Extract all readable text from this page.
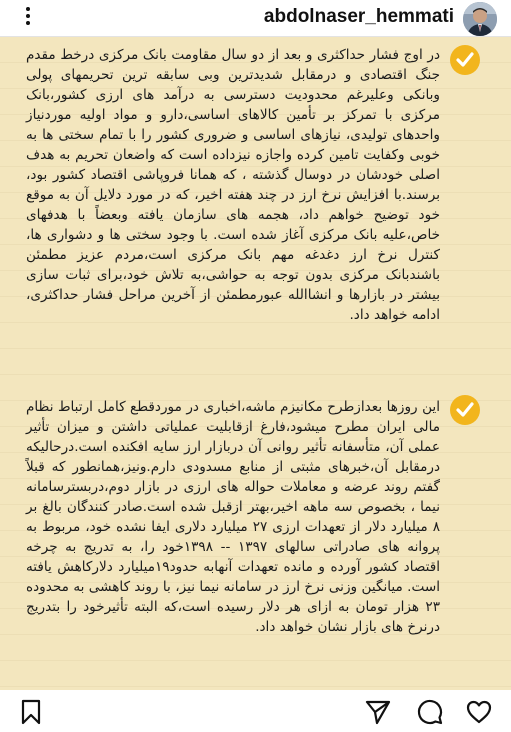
abdolnaser_hemmati

در اوج فشار حداکثری و بعد از دو سال مقاومت بانک مرکزی درخط مقدم جنگ اقتصادی و درمقابل شدیدترین وبی سابقه ترین تحریمهای پولی وبانکی وعلیرغم محدودیت دسترسی به درآمد های ارزی کشور،بانک مرکزی با تمرکز بر تأمین کالاهای اساسی،دارو و مواد اولیه موردنیاز واحدهای تولیدی، نیازهای اساسی و ضروری کشور را با تمام سختی ها به خوبی وکفایت تامین کرده واجازه نیزداده است که واضعان تحریم به هدف اصلی خودشان در دوسال گذشته ، که همانا فروپاشی اقتصاد کشور بود، برسند.با افزایش نرخ ارز در چند هفته اخیر، که در مورد دلایل آن به موقع خود توضیح خواهم داد، هجمه های سازمان یافته وبعضاً با هدفهای خاص،علیه بانک مرکزی آغاز شده است. با وجود سختی ها و دشواری ها، کنترل نرخ ارز دغدغه مهم بانک مرکزی است،مردم عزیز مطمئن باشندبانک مرکزی بدون توجه به حواشی،به تلاش خود،برای ثبات سازی بیشتر در بازارها و انشاالله عبورمطمئن از آخرین مراحل فشار حداکثری، ادامه خواهد داد.

این روزها بعدازطرح مکانیزم ماشه،اخباری در موردقطع کامل ارتباط نظام مالی ایران مطرح میشود،فارغ ازقابلیت عملیاتی داشتن و میزان تأثیر عملی آن، متأسفانه تأثیر روانی آن دربازار ارز سایه افکنده است.درحالیکه درمقابل آن،خبرهای مثبتی از منابع مسدودی دارم.ونیز،همانطور که قبلاً گفتم روند عرضه و معاملات حواله های ارزی در بازار دوم،دربسترسامانه نیما ، بخصوص سه ماهه اخیر،بهتر ازقبل شده است.صادر کنندگان بالغ بر ۸ میلیارد دلار از تعهدات ارزی ۲۷ میلیارد دلاری ایفا نشده خود، مربوط به پروانه های صادراتی سالهای ۱۳۹۷ -- ۱۳۹۸خود را، به تدریج به چرخه اقتصاد کشور آورده و مانده تعهدات آنهابه حدود۱۹میلیارد دلارکاهش یافته است. میانگین وزنی نرخ ارز در سامانه نیما نیز، با روند کاهشی به محدوده ۲۳ هزار تومان به ازای هر دلار رسیده است،که البته تأثیرخود را بتدریج درنرخ های بازار نشان خواهد داد.
